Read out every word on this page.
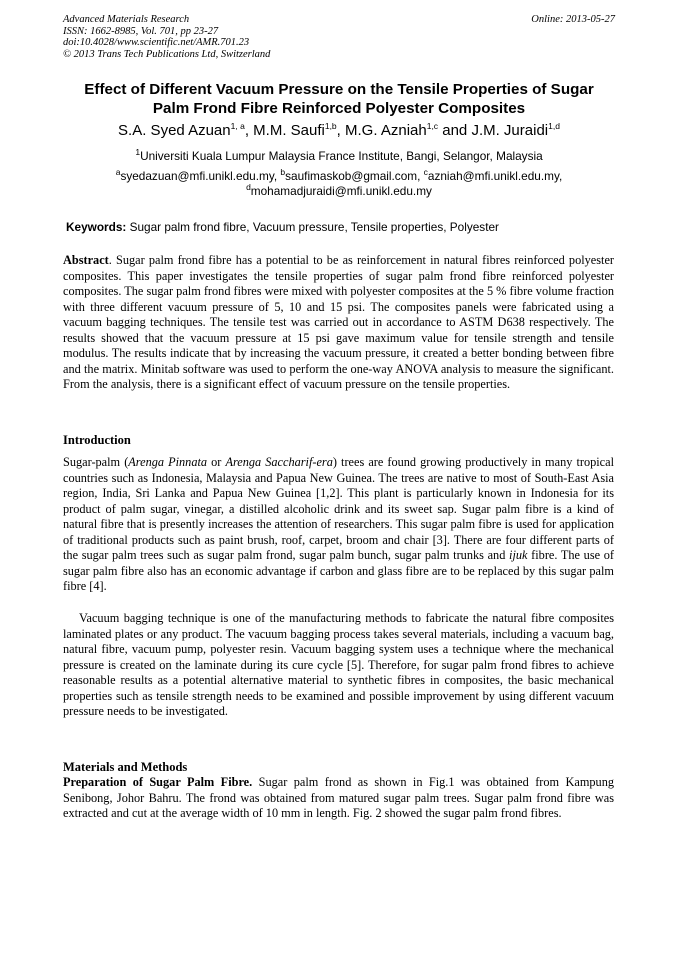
Advanced Materials Research
ISSN: 1662-8985, Vol. 701, pp 23-27
doi:10.4028/www.scientific.net/AMR.701.23
© 2013 Trans Tech Publications Ltd, Switzerland
Online: 2013-05-27
Effect of Different Vacuum Pressure on the Tensile Properties of Sugar
Palm Frond Fibre Reinforced Polyester Composites
S.A. Syed Azuan$^{1, a}$, M.M. Saufi$^{1,b}$, M.G. Azniah$^{1,c}$ and J.M. Juraidi$^{1,d}$
$^1$Universiti Kuala Lumpur Malaysia France Institute, Bangi, Selangor, Malaysia
$^a$syedazuan@mfi.unikl.edu.my, $^b$saufimaskob@gmail.com, $^c$azniah@mfi.unikl.edu.my,
$^d$mohamadjuraidi@mfi.unikl.edu.my
Keywords: Sugar palm frond fibre, Vacuum pressure, Tensile properties, Polyester

Abstract. Sugar palm frond fibre has a potential to be as reinforcement in natural fibres reinforced polyester composites. This paper investigates the tensile properties of sugar palm frond fibre reinforced polyester composites. The sugar palm frond fibres were mixed with polyester composites at the 5 % fibre volume fraction with three different vacuum pressure of 5, 10 and 15 psi. The composites panels were fabricated using a vacuum bagging techniques. The tensile test was carried out in accordance to ASTM D638 respectively. The results showed that the vacuum pressure at 15 psi gave maximum value for tensile strength and tensile modulus. The results indicate that by increasing the vacuum pressure, it created a better bonding between fibre and the matrix. Minitab software was used to perform the one-way ANOVA analysis to measure the significant. From the analysis, there is a significant effect of vacuum pressure on the tensile properties.

Introduction

Sugar-palm (Arenga Pinnata or Arenga Saccharif-era) trees are found growing productively in many tropical countries such as Indonesia, Malaysia and Papua New Guinea. The trees are native to most of South-East Asia region, India, Sri Lanka and Papua New Guinea [1,2]. This plant is particularly known in Indonesia for its product of palm sugar, vinegar, a distilled alcoholic drink and its sweet sap. Sugar palm fibre is a kind of natural fibre that is presently increases the attention of researchers. This sugar palm fibre is used for application of traditional products such as paint brush, roof, carpet, broom and chair [3]. There are four different parts of the sugar palm trees such as sugar palm frond, sugar palm bunch, sugar palm trunks and ijuk fibre. The use of sugar palm fibre also has an economic advantage if carbon and glass fibre are to be replaced by this sugar palm fibre [4].

Vacuum bagging technique is one of the manufacturing methods to fabricate the natural fibre composites laminated plates or any product. The vacuum bagging process takes several materials, including a vacuum bag, natural fibre, vacuum pump, polyester resin. Vacuum bagging system uses a technique where the mechanical pressure is created on the laminate during its cure cycle [5]. Therefore, for sugar palm frond fibres to achieve reasonable results as a potential alternative material to synthetic fibres in composites, the basic mechanical properties such as tensile strength needs to be examined and possible improvement by using different vacuum pressure needs to be investigated.

Materials and Methods

Preparation of Sugar Palm Fibre. Sugar palm frond as shown in Fig.1 was obtained from Kampung Senibong, Johor Bahru. The frond was obtained from matured sugar palm trees. Sugar palm frond fibre was extracted and cut at the average width of 10 mm in length. Fig. 2 showed the sugar palm frond fibres.
